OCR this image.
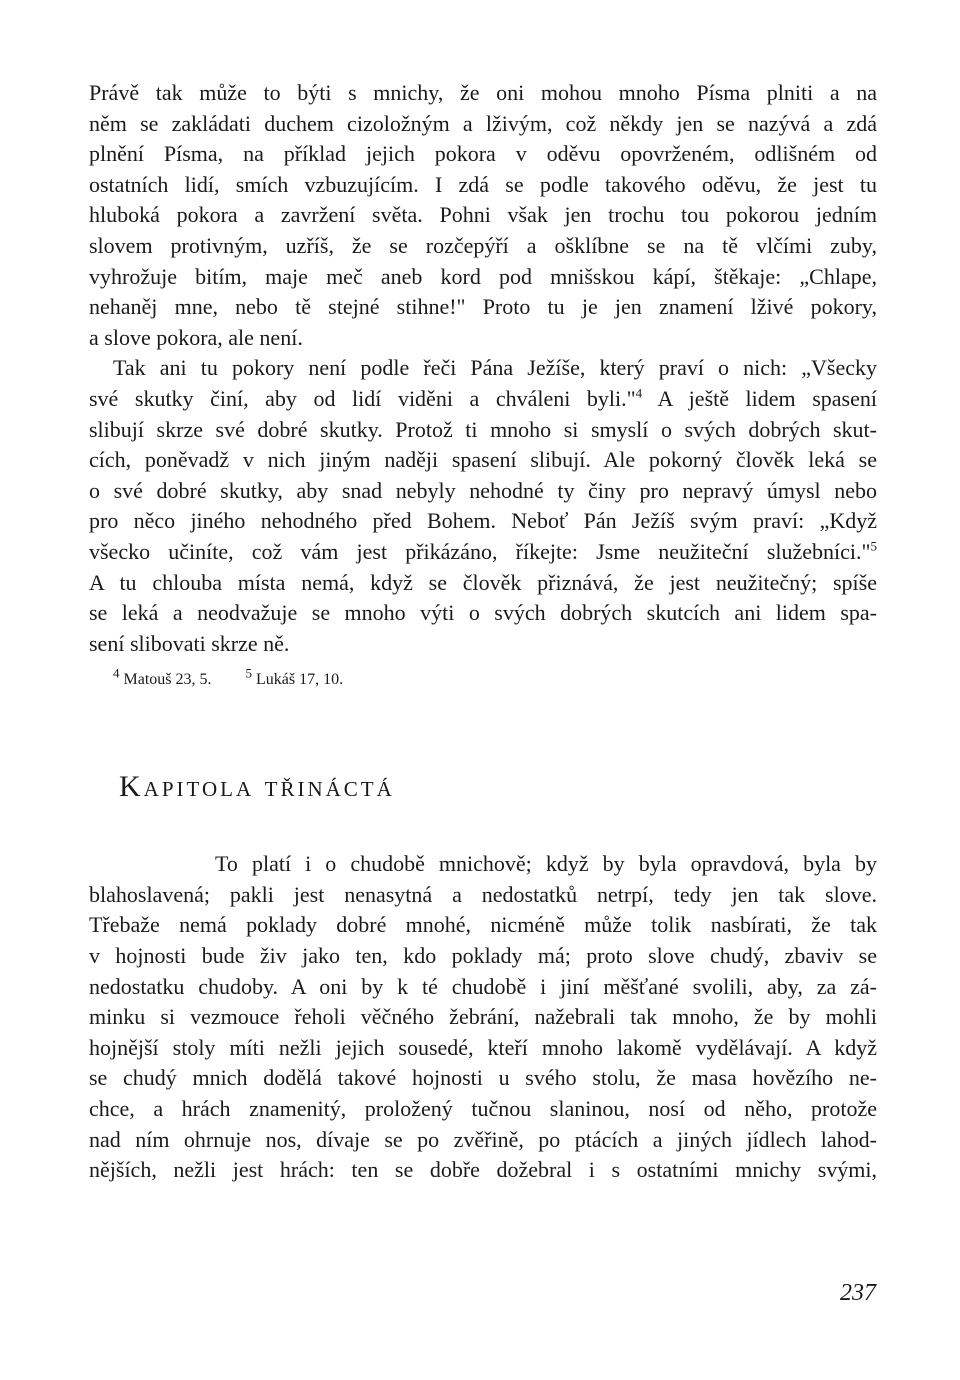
Právě tak může to býti s mnichy, že oni mohou mnoho Písma plniti a na
něm se zakládati duchem cizoložným a lživým, což někdy jen se nazývá a zdá
plnění Písma, na příklad jejich pokora v oděvu opovrženém, odlišném od
ostatních lidí, smích vzbuzujícím. I zdá se podle takového oděvu, že jest tu
hluboká pokora a zavržení světa. Pohni však jen trochu tou pokorou jedním
slovem protivným, uzříš, že se rozčepýří a ošklíbne se na tě vlčími zuby,
vyhrožuje bitím, maje meč aneb kord pod mnišskou kápí, štěkaje: „Chlape,
nehaněj mne, nebo tě stejné stihne!" Proto tu je jen znamení lživé pokory,
a slove pokora, ale není.
Tak ani tu pokory není podle řeči Pána Ježíše, který praví o nich: „Všecky
své skutky činí, aby od lidí viděni a chváleni byli."$^4$ A ještě lidem spasení
slibují skrze své dobré skutky. Protož ti mnoho si smyslí o svých dobrých skut-
cích, poněvadž v nich jiným naději spasení slibují. Ale pokorný člověk leká se
o své dobré skutky, aby snad nebyly nehodné ty činy pro nepravý úmysl nebo
pro něco jiného nehodného před Bohem. Neboť Pán Ježíš svým praví: „Když
všecko učiníte, což vám jest přikázáno, říkejte: Jsme neužiteční služebníci."$^5$
A tu chlouba místa nemá, když se člověk přiznává, že jest neužitečný; spíše
se leká a neodvažuje se mnoho výti o svých dobrých skutcích ani lidem spa-
sení slibovati skrze ně.
$^4$ Matouš 23, 5.	$^5$ Lukáš 17, 10.
Kapitola třináctá
To platí i o chudobě mnichově; když by byla opravdová, byla by
blahoslavená; pakli jest nenasytná a nedostatků netrpí, tedy jen tak slove.
Třebaže nemá poklady dobré mnohé, nicméně může tolik nasbírati, že tak
v hojnosti bude živ jako ten, kdo poklady má; proto slove chudý, zbaviv se
nedostatku chudoby. A oni by k té chudobě i jiní měšťané svolili, aby, za zá-
minku si vezmouce řeholi věčného žebrání, nažebrali tak mnoho, že by mohli
hojnější stoly míti nežli jejich sousedé, kteří mnoho lakomě vydělávají. A když
se chudý mnich dodělá takové hojnosti u svého stolu, že masa hovězího ne-
chce, a hrách znamenitý, proložený tučnou slaninou, nosí od něho, protože
nad ním ohrnuje nos, dívaje se po zvěřině, po ptácích a jiných jídlech lahod-
nějších, nežli jest hrách: ten se dobře dožebral i s ostatními mnichy svými,
237
